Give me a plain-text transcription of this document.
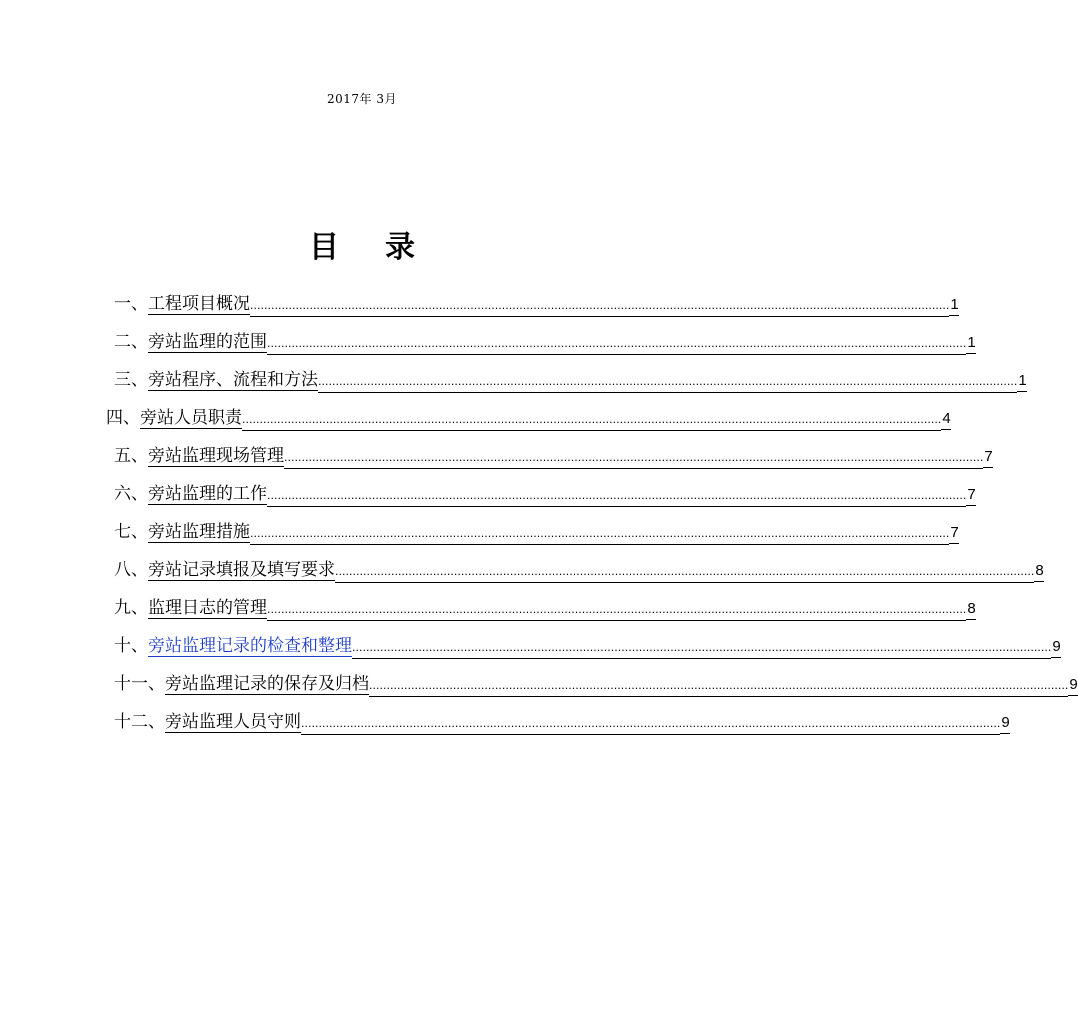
2017年 3月
目 录
一、 工程项目概况 ........................................................................................................................................................................................................ 1
二、 旁站监理的范围 ........................................................................................................................................................................................................ 1
三、 旁站程序、流程和方法 ........................................................................................................................................................................................................ 1
四、 旁站人员职责 ........................................................................................................................................................................................................ 4
五、 旁站监理现场管理 ........................................................................................................................................................................................................ 7
六、 旁站监理的工作 ........................................................................................................................................................................................................ 7
七、 旁站监理措施 ........................................................................................................................................................................................................ 7
八、 旁站记录填报及填写要求 ........................................................................................................................................................................................................ 8
九、 监理日志的管理 ........................................................................................................................................................................................................ 8
十、 旁站监理记录的检查和整理 ........................................................................................................................................................................................................ 9
十一、 旁站监理记录的保存及归档 ........................................................................................................................................................................................................ 9
十二、 旁站监理人员守则 ........................................................................................................................................................................................................ 9
